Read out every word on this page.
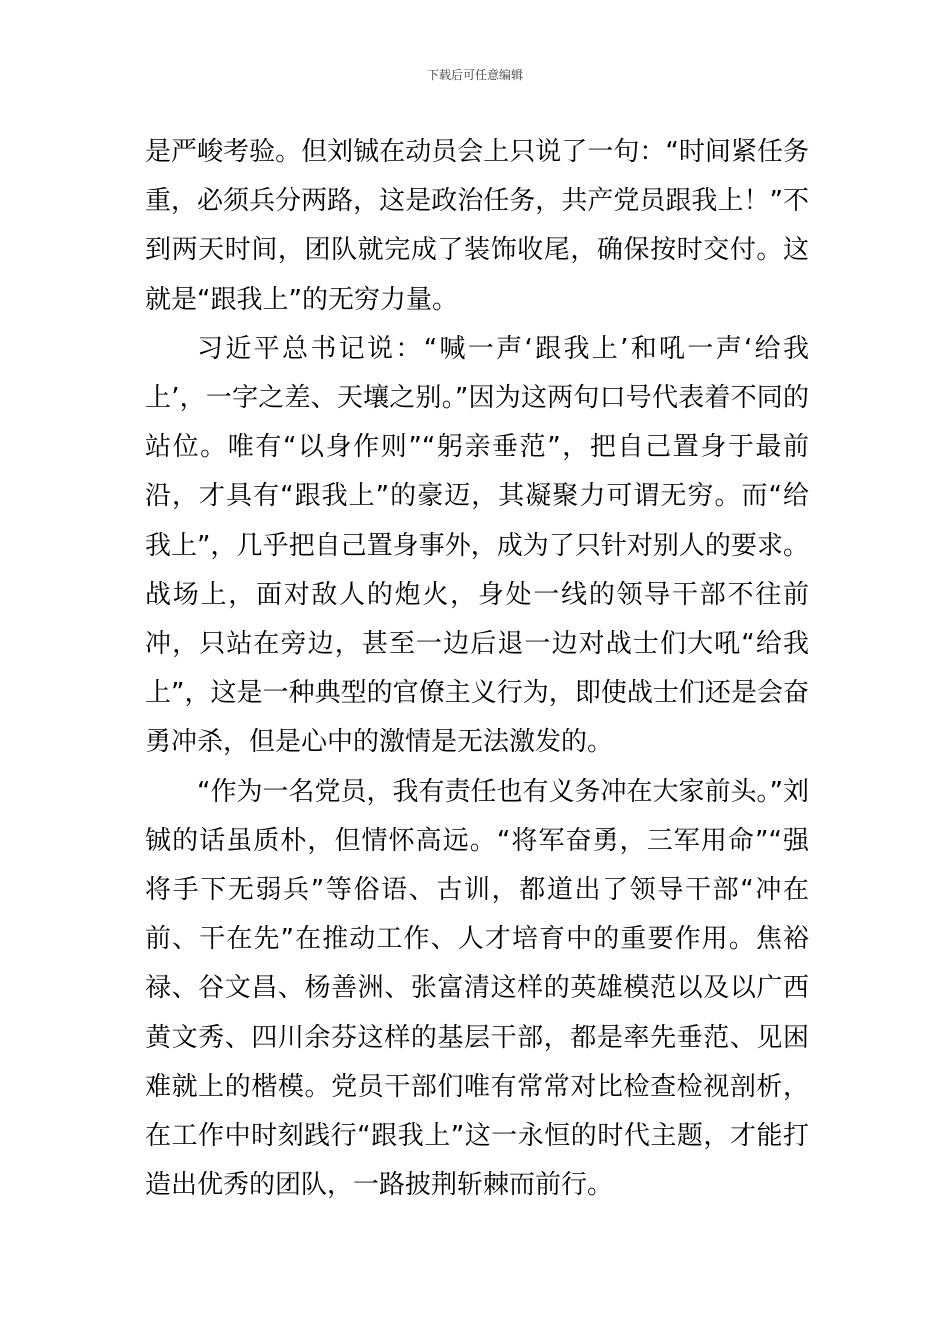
下载后可任意编辑

是严峻考验。但刘铖在动员会上只说了一句：“时间紧任务重，必须兵分两路，这是政治任务，共产党员跟我上！”不到两天时间，团队就完成了装饰收尾，确保按时交付。这就是“跟我上”的无穷力量。

习近平总书记说：“喊一声‘跟我上’和吼一声‘给我上’，一字之差、天壤之别。”因为这两句口号代表着不同的站位。唯有“以身作则”“躬亲垂范”，把自己置身于最前沿，才具有“跟我上”的豪迈，其凝聚力可谓无穷。而“给我上”，几乎把自己置身事外，成为了只针对别人的要求。战场上，面对敌人的炮火，身处一线的领导干部不往前冲，只站在旁边，甚至一边后退一边对战士们大吼“给我上”，这是一种典型的官僚主义行为，即使战士们还是会奋勇冲杀，但是心中的激情是无法激发的。

“作为一名党员，我有责任也有义务冲在大家前头。”刘铖的话虽质朴，但情怀高远。“将军奋勇，三军用命”“强将手下无弱兵”等俗语、古训，都道出了领导干部“冲在前、干在先”在推动工作、人才培育中的重要作用。焦裕禄、谷文昌、杨善洲、张富清这样的英雄模范以及以广西黄文秀、四川余芬这样的基层干部，都是率先垂范、见困难就上的楷模。党员干部们唯有常常对比检查检视剖析，在工作中时刻践行“跟我上”这一永恒的时代主题，才能打造出优秀的团队，一路披荆斩棘而前行。
